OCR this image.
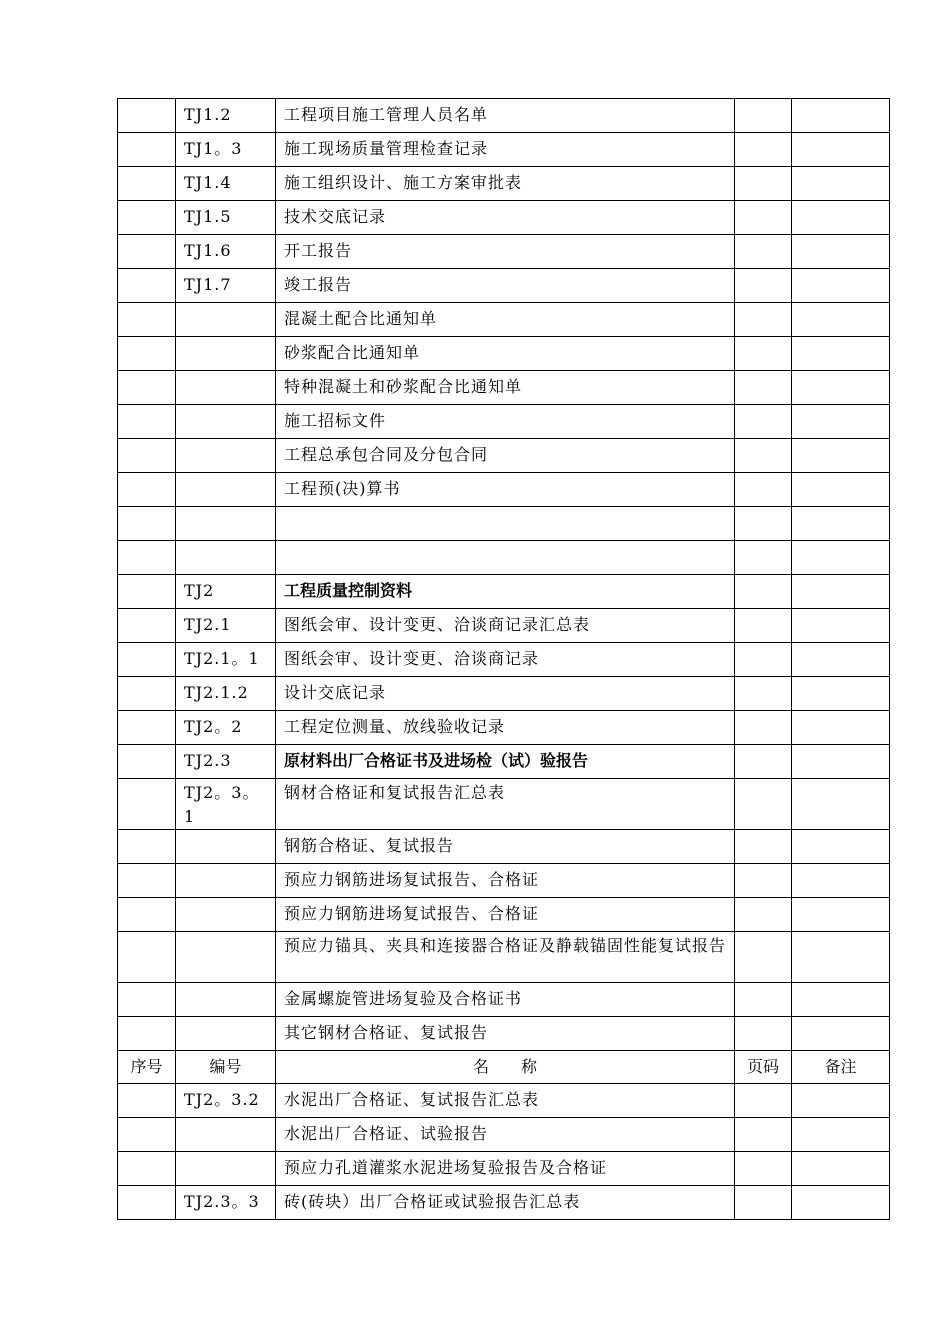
	TJ1.2	工程项目施工管理人员名单		
	TJ1。3	施工现场质量管理检查记录		
	TJ1.4	施工组织设计、施工方案审批表		
	TJ1.5	技术交底记录		
	TJ1.6	开工报告		
	TJ1.7	竣工报告		
		混凝土配合比通知单		
		砂浆配合比通知单		
		特种混凝土和砂浆配合比通知单		
		施工招标文件		
		工程总承包合同及分包合同		
		工程预(决)算书		

	TJ2	工程质量控制资料		
	TJ2.1	图纸会审、设计变更、洽谈商记录汇总表		
	TJ2.1。1	图纸会审、设计变更、洽谈商记录		
	TJ2.1.2	设计交底记录		
	TJ2。2	工程定位测量、放线验收记录		
	TJ2.3	原材料出厂合格证书及进场检（试）验报告		
	TJ2。3。1	钢材合格证和复试报告汇总表		
		钢筋合格证、复试报告		
		预应力钢筋进场复试报告、合格证		
		预应力钢筋进场复试报告、合格证		
		预应力锚具、夹具和连接器合格证及静载锚固性能复试报告		
		金属螺旋管进场复验及合格证书		
		其它钢材合格证、复试报告		
序号	编号	名　　称	页码	备注
	TJ2。3.2	水泥出厂合格证、复试报告汇总表		
		水泥出厂合格证、试验报告		
		预应力孔道灌浆水泥进场复验报告及合格证		
	TJ2.3。3	砖(砖块）出厂合格证或试验报告汇总表		
